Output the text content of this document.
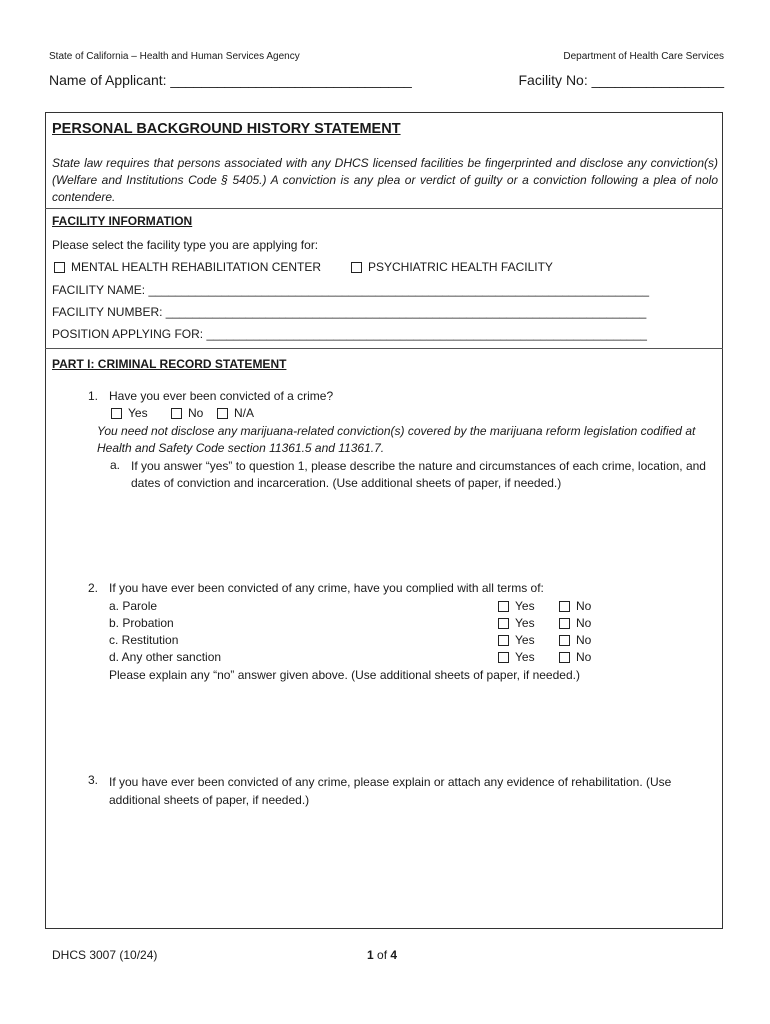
State of California – Health and Human Services Agency	Department of Health Care Services
Name of Applicant: _______________________________	Facility No: _________________
PERSONAL BACKGROUND HISTORY STATEMENT
State law requires that persons associated with any DHCS licensed facilities be fingerprinted and disclose any conviction(s) (Welfare and Institutions Code § 5405.) A conviction is any plea or verdict of guilty or a conviction following a plea of nolo contendere.
FACILITY INFORMATION
Please select the facility type you are applying for:
MENTAL HEALTH REHABILITATION CENTER	PSYCHIATRIC HEALTH FACILITY
FACILITY NAME: ___________________________________________________________________________
FACILITY NUMBER: ________________________________________________________________________
POSITION APPLYING FOR: __________________________________________________________________
PART I: CRIMINAL RECORD STATEMENT
1. Have you ever been convicted of a crime?
Yes	No	N/A
You need not disclose any marijuana-related conviction(s) covered by the marijuana reform legislation codified at Health and Safety Code section 11361.5 and 11361.7.
a. If you answer “yes” to question 1, please describe the nature and circumstances of each crime, location, and dates of conviction and incarceration. (Use additional sheets of paper, if needed.)
2. If you have ever been convicted of any crime, have you complied with all terms of:
a. Parole	Yes	No
b. Probation	Yes	No
c. Restitution	Yes	No
d. Any other sanction	Yes	No
Please explain any “no” answer given above. (Use additional sheets of paper, if needed.)
3. If you have ever been convicted of any crime, please explain or attach any evidence of rehabilitation. (Use additional sheets of paper, if needed.)
DHCS 3007 (10/24)	1 of 4
